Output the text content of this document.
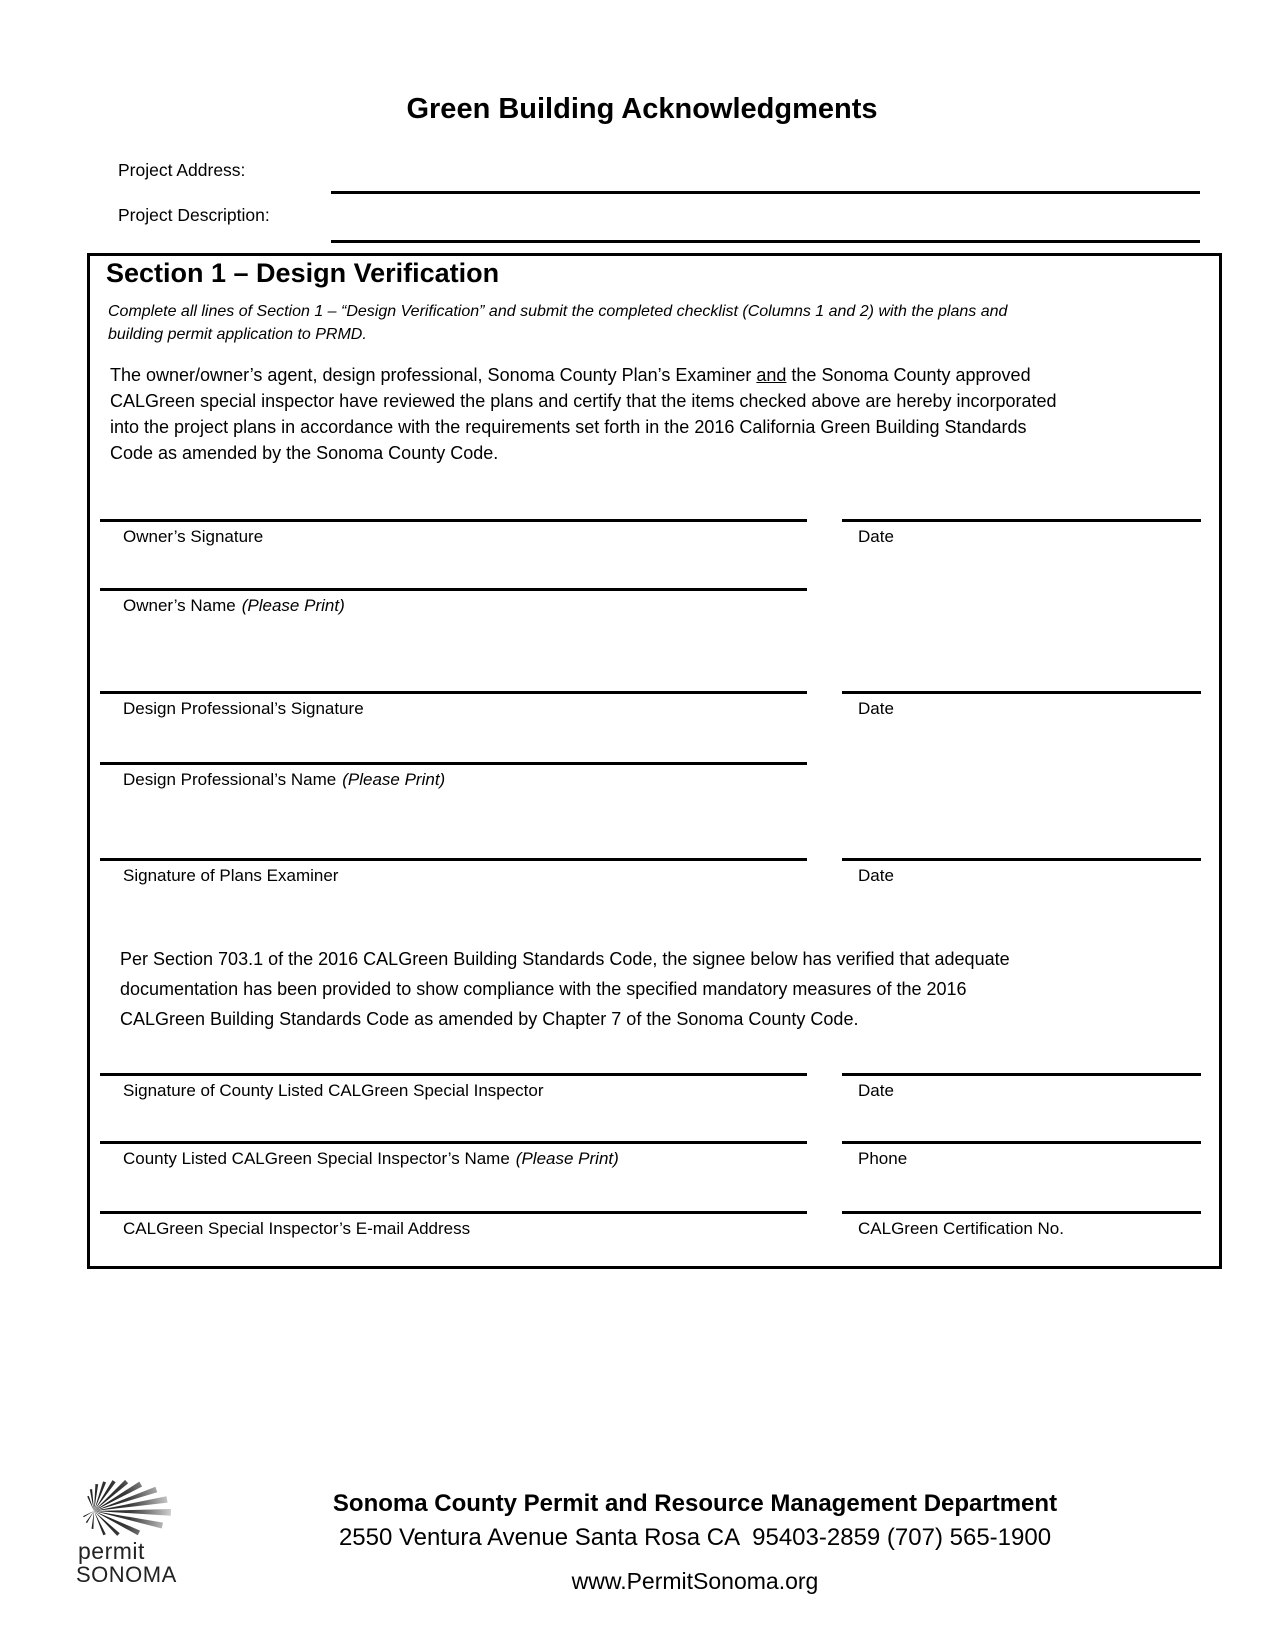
Green Building Acknowledgments
Project Address:
Project Description:
Section 1 – Design Verification
Complete all lines of Section 1 – “Design Verification” and submit the completed checklist (Columns 1 and 2) with the plans and
building permit application to PRMD.
The owner/owner’s agent, design professional, Sonoma County Plan’s Examiner and the Sonoma County approved
CALGreen special inspector have reviewed the plans and certify that the items checked above are hereby incorporated
into the project plans in accordance with the requirements set forth in the 2016 California Green Building Standards
Code as amended by the Sonoma County Code.
Owner’s Signature	Date
Owner’s Name (Please Print)
Design Professional’s Signature	Date
Design Professional’s Name (Please Print)
Signature of Plans Examiner	Date
Per Section 703.1 of the 2016 CALGreen Building Standards Code, the signee below has verified that adequate
documentation has been provided to show compliance with the specified mandatory measures of the 2016
CALGreen Building Standards Code as amended by Chapter 7 of the Sonoma County Code.
Signature of County Listed CALGreen Special Inspector	Date
County Listed CALGreen Special Inspector’s Name (Please Print)	Phone
CALGreen Special Inspector’s E-mail Address	CALGreen Certification No.
permit
SONOMA
Sonoma County Permit and Resource Management Department
2550 Ventura Avenue Santa Rosa CA  95403-2859 (707) 565-1900
www.PermitSonoma.org
